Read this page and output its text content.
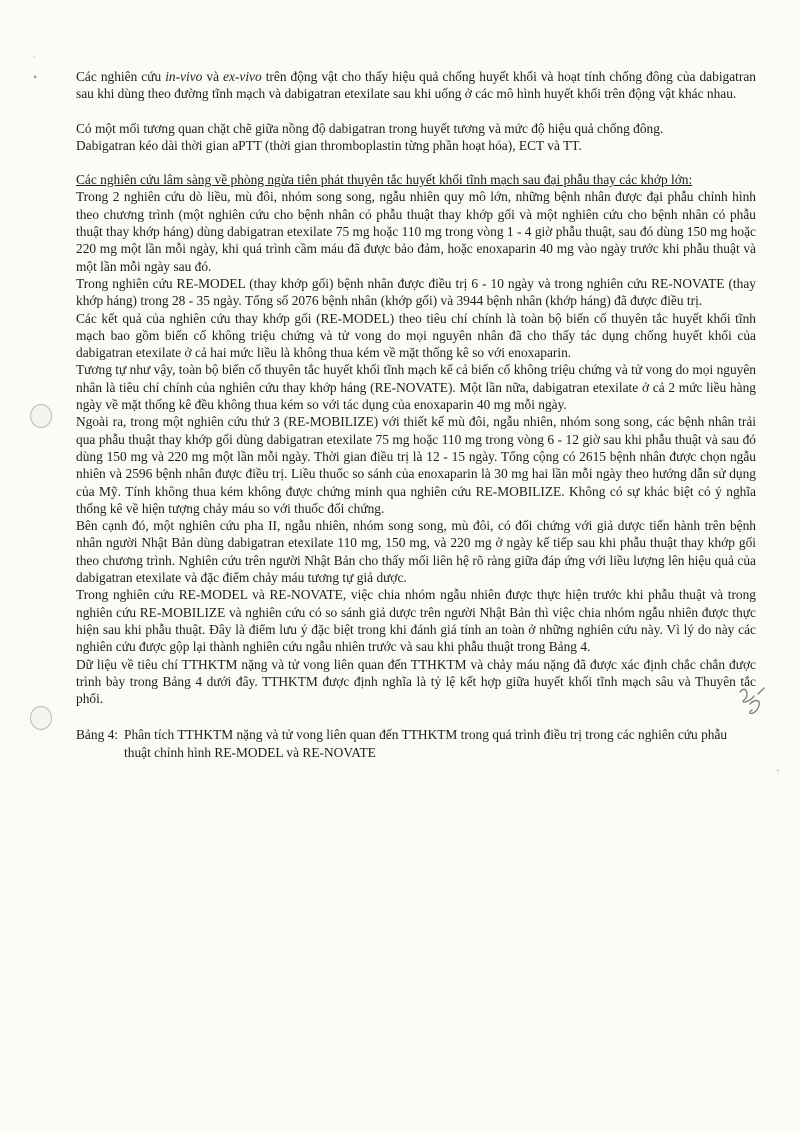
ˌ
•
ˏ

Các nghiên cứu in-vivo và ex-vivo trên động vật cho thấy hiệu quả chống huyết khối và hoạt tính chống đông của dabigatran sau khi dùng theo đường tĩnh mạch và dabigatran etexilate sau khi uống ở các mô hình huyết khối trên động vật khác nhau.

Có một mối tương quan chặt chẽ giữa nồng độ dabigatran trong huyết tương và mức độ hiệu quả chống đông.

Dabigatran kéo dài thời gian aPTT (thời gian thromboplastin từng phần hoạt hóa), ECT và TT.

Các nghiên cứu lâm sàng về phòng ngừa tiên phát thuyên tắc huyết khối tĩnh mạch sau đại phẫu thay các khớp lớn:

Trong 2 nghiên cứu dò liều, mù đôi, nhóm song song, ngẫu nhiên quy mô lớn, những bệnh nhân được đại phẫu chỉnh hình theo chương trình (một nghiên cứu cho bệnh nhân có phẫu thuật thay khớp gối và một nghiên cứu cho bệnh nhân có phẫu thuật thay khớp háng) dùng dabigatran etexilate 75 mg hoặc 110 mg trong vòng 1 - 4 giờ phẫu thuật, sau đó dùng 150 mg hoặc 220 mg một lần mỗi ngày, khi quá trình cầm máu đã được bảo đảm, hoặc enoxaparin 40 mg vào ngày trước khi phẫu thuật và một lần mỗi ngày sau đó.

Trong nghiên cứu RE-MODEL (thay khớp gối) bệnh nhân được điều trị 6 - 10 ngày và trong nghiên cứu RE-NOVATE (thay khớp háng) trong 28 - 35 ngày. Tổng số 2076 bệnh nhân (khớp gối) và 3944 bệnh nhân (khớp háng) đã được điều trị.

Các kết quả của nghiên cứu thay khớp gối (RE-MODEL) theo tiêu chí chính là toàn bộ biến cố thuyên tắc huyết khối tĩnh mạch bao gồm biến cố không triệu chứng và tử vong do mọi nguyên nhân đã cho thấy tác dụng chống huyết khối của dabigatran etexilate ở cả hai mức liều là không thua kém về mặt thống kê so với enoxaparin.

Tương tự như vậy, toàn bộ biến cố thuyên tắc huyết khối tĩnh mạch kể cả biến cố không triệu chứng và tử vong do mọi nguyên nhân là tiêu chí chính của nghiên cứu thay khớp háng (RE-NOVATE). Một lần nữa, dabigatran etexilate ở cả 2 mức liều hàng ngày về mặt thống kê đều không thua kém so với tác dụng của enoxaparin 40 mg mỗi ngày.

Ngoài ra, trong một nghiên cứu thứ 3 (RE-MOBILIZE) với thiết kế mù đôi, ngẫu nhiên, nhóm song song, các bệnh nhân trải qua phẫu thuật thay khớp gối dùng dabigatran etexilate 75 mg hoặc 110 mg trong vòng 6 - 12 giờ sau khi phẫu thuật và sau đó dùng 150 mg và 220 mg một lần mỗi ngày. Thời gian điều trị là 12 - 15 ngày. Tổng cộng có 2615 bệnh nhân được chọn ngẫu nhiên và 2596 bệnh nhân được điều trị. Liều thuốc so sánh của enoxaparin là 30 mg hai lần mỗi ngày theo hướng dẫn sử dụng của Mỹ. Tính không thua kém không được chứng minh qua nghiên cứu RE-MOBILIZE. Không có sự khác biệt có ý nghĩa thống kê về hiện tượng chảy máu so với thuốc đối chứng.

Bên cạnh đó, một nghiên cứu pha II, ngẫu nhiên, nhóm song song, mù đôi, có đối chứng với giả dược tiến hành trên bệnh nhân người Nhật Bản dùng dabigatran etexilate 110 mg, 150 mg, và 220 mg ở ngày kế tiếp sau khi phẫu thuật thay khớp gối theo chương trình. Nghiên cứu trên người Nhật Bản cho thấy mối liên hệ rõ ràng giữa đáp ứng với liều lượng lên hiệu quả của dabigatran etexilate và đặc điểm chảy máu tương tự giả dược.

Trong nghiên cứu RE-MODEL và RE-NOVATE, việc chia nhóm ngẫu nhiên được thực hiện trước khi phẫu thuật và trong nghiên cứu RE-MOBILIZE và nghiên cứu có so sánh giả dược trên người Nhật Bản thì việc chia nhóm ngẫu nhiên được thực hiện sau khi phẫu thuật. Đây là điểm lưu ý đặc biệt trong khi đánh giá tính an toàn ở những nghiên cứu này. Vì lý do này các nghiên cứu được gộp lại thành nghiên cứu ngẫu nhiên trước và sau khi phẫu thuật trong Bảng 4.

Dữ liệu về tiêu chí TTHKTM nặng và tử vong liên quan đến TTHKTM và chảy máu nặng đã được xác định chắc chắn được trình bày trong Bảng 4 dưới đây. TTHKTM được định nghĩa là tỷ lệ kết hợp giữa huyết khối tĩnh mạch sâu và Thuyên tắc phổi.

Bảng 4: Phân tích TTHKTM nặng và tử vong liên quan đến TTHKTM trong quá trình điều trị trong các nghiên cứu phẫu thuật chỉnh hình RE-MODEL và RE-NOVATE
